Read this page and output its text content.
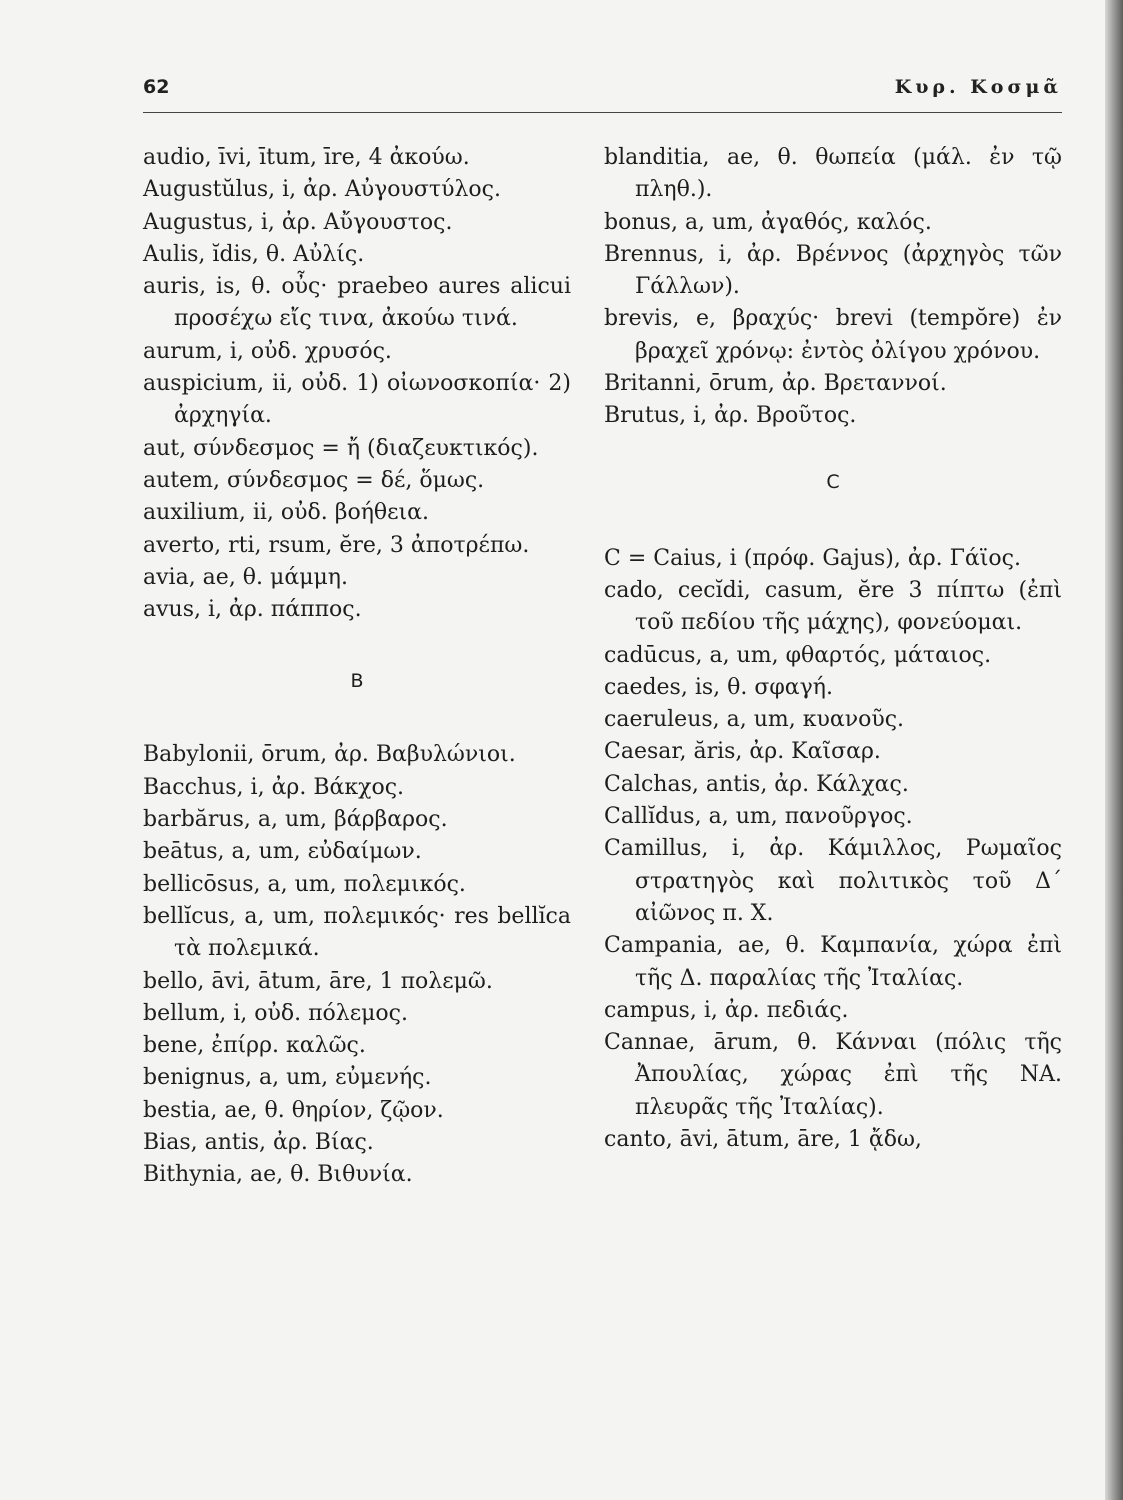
62	Κυρ. Κοσμᾶ
audio, īvi, ītum, īre, 4 ἀκούω.
Augustŭlus, i, ἀρ. Αὐγουστύλος.
Augustus, i, ἀρ. Αὔγουστος.
Aulis, ĭdis, θ. Αὐλίς.
auris, is, θ. οὖς· praebeo aures alicui προσέχω εἴς τινα, ἀκούω τινά.
aurum, i, οὐδ. χρυσός.
auspicium, ii, οὐδ. 1) οἰωνοσκοπία· 2) ἀρχηγία.
aut, σύνδεσμος = ἤ (διαζευκτικός).
autem, σύνδεσμος = δέ, ὅμως.
auxilium, ii, οὐδ. βοήθεια.
averto, rti, rsum, ĕre, 3 ἀποτρέπω.
avia, ae, θ. μάμμη.
avus, i, ἀρ. πάππος.
B
Babylonii, ōrum, ἀρ. Βαβυλώνιοι.
Bacchus, i, ἀρ. Βάκχος.
barbărus, a, um, βάρβαρος.
beātus, a, um, εὐδαίμων.
bellicōsus, a, um, πολεμικός.
bellĭcus, a, um, πολεμικός· res bellĭca τὰ πολεμικά.
bello, āvi, ātum, āre, 1 πολεμῶ.
bellum, i, οὐδ. πόλεμος.
bene, ἐπίρρ. καλῶς.
benignus, a, um, εὐμενής.
bestia, ae, θ. θηρίον, ζῷον.
Bias, antis, ἀρ. Βίας.
Bithynia, ae, θ. Βιθυνία.
blanditia, ae, θ. θωπεία (μάλ. ἐν τῷ πληθ.).
bonus, a, um, ἀγαθός, καλός.
Brennus, i, ἀρ. Βρέννος (ἀρχηγὸς τῶν Γάλλων).
brevis, e, βραχύς· brevi (tempŏre) ἐν βραχεῖ χρόνῳ: ἐντὸς ὀλίγου χρόνου.
Britanni, ōrum, ἀρ. Βρεταννοί.
Brutus, i, ἀρ. Βροῦτος.
C
C = Caius, i (πρόφ. Gajus), ἀρ. Γάϊος.
cado, cecĭdi, casum, ĕre 3 πίπτω (ἐπὶ τοῦ πεδίου τῆς μάχης), φονεύομαι.
cadūcus, a, um, φθαρτός, μάταιος.
caedes, is, θ. σφαγή.
caeruleus, a, um, κυανοῦς.
Caesar, ăris, ἀρ. Καῖσαρ.
Calchas, antis, ἀρ. Κάλχας.
Callĭdus, a, um, πανοῦργος.
Camillus, i, ἀρ. Κάμιλλος, Ρωμαῖος στρατηγὸς καὶ πολιτικὸς τοῦ Δ΄ αἰῶνος π. Χ.
Campania, ae, θ. Καμπανία, χώρα ἐπὶ τῆς Δ. παραλίας τῆς Ἰταλίας.
campus, i, ἀρ. πεδιάς.
Cannae, ārum, θ. Κάνναι (πόλις τῆς Ἀπουλίας, χώρας ἐπὶ τῆς ΝΑ. πλευρᾶς τῆς Ἰταλίας).
canto, āvi, ātum, āre, 1 ᾄδω,
